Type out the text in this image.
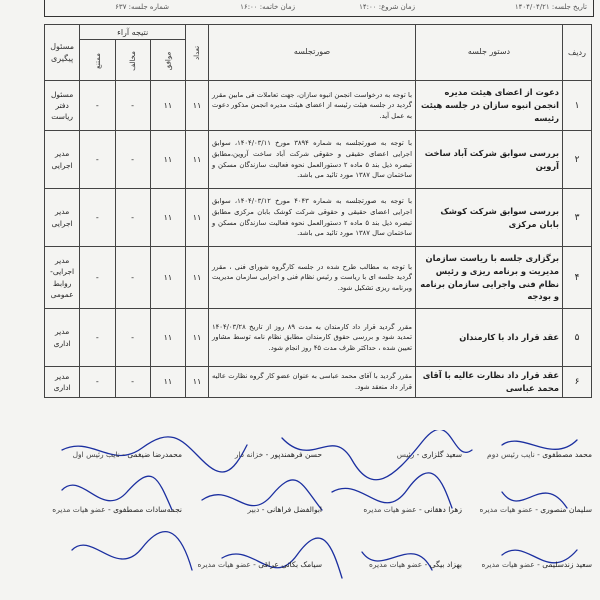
تاریخ جلسه: ۱۴۰۴/۰۴/۲۱
زمان شروع: ۱۴:۰۰
زمان خاتمه: ۱۶:۰۰
شماره جلسه: ۶۳۷
ردیف	دستور جلسه	صورتجلسه	تعداد	نتیجه آراء			مسئول پیگیری
				موافق	مخالف	ممتنع	
۱	دعوت از اعضای هیئت مدیره انجمن انبوه سازان در جلسه هیئت رئیسه	با توجه به درخواست انجمن انبوه سازان، جهت تعاملات فی مابین مقرر گردید در جلسه هیئت رئیسه از اعضای هیئت مدیره انجمن مذکور دعوت به عمل آید.	۱۱	۱۱	-	-	مسئول دفتر ریاست
۲	بررسی سوابق شرکت آباد ساخت آروین	با توجه به صورتجلسه به شماره ۳۸۹۴ مورخ ۱۴۰۴/۰۳/۱۱، سوابق اجرایی اعضای حقیقی و حقوقی شرکت آباد ساخت آروین،مطابق تبصره ذیل بند ۵ ماده ۲ دستورالعمل نحوه فعالیت سازندگان مسکن و ساختمان سال ۱۳۸۷ مورد تائید می باشد.	۱۱	۱۱	-	-	مدیر اجرایی
۳	بررسی سوابق شرکت کوشک بابان مرکزی	با توجه به صورتجلسه به شماره ۴۰۴۳ مورخ ۱۴۰۴/۰۳/۱۲، سوابق اجرایی اعضای حقیقی و حقوقی شرکت کوشک بابان مرکزی مطابق تبصره ذیل بند ۵ ماده ۲ دستورالعمل نحوه فعالیت سازندگان مسکن و ساختمان سال ۱۳۸۷ مورد تائید می باشد.	۱۱	۱۱	-	-	مدیر اجرایی
۴	برگزاری جلسه با ریاست سازمان مدیریت و برنامه ریزی و رئیس نظام فنی واجرایی سازمان برنامه و بودجه	با توجه به مطالب طرح شده در جلسه کارگروه شورای فنی ، مقرر گردید جلسه ای با ریاست و رئیس نظام فنی و اجرایی سازمان مدیریت وبرنامه ریزی تشکیل شود.	۱۱	۱۱	-	-	مدیر اجرایی- روابط عمومی
۵	عقد قرار داد با کارمندان	مقرر گردید قرار داد کارمندان به مدت ۸۹ روز از تاریخ ۱۴۰۴/۰۳/۲۸ تمدید شود و بررسی حقوق کارمندان مطابق نظام نامه توسط مشاور تعیین شده ، حداکثر ظرف مدت ۴۵ روز انجام شود.	۱۱	۱۱	-	-	مدیر اداری
۶	عقد قرار داد نظارت عالیه با آقای محمد عباسی	مقرر گردید با آقای محمد عباسی به عنوان عضو کار گروه نظارت عالیه قرار داد منعقد شود.	۱۱	۱۱	-	-	مدیر اداری
محمد مصطفوی - نایب رئیس دوم
سعید گلزاری - رئیس
حسن فرهمندپور - خزانه دار
محمدرضا ضیغمی - نایب رئیس اول
سلیمان منصوری - عضو هیات مدیره
زهرا دهقانی - عضو هیات مدیره
ابوالفضل فراهانی - دبیر
نجمه‌سادات مصطفوی - عضو هیات مدیره
سعید زندسلیمی - عضو هیات مدیره
بهزاد بیگی - عضو هیات مدیره
سیامک بکائی عراقی - عضو هیات مدیره
